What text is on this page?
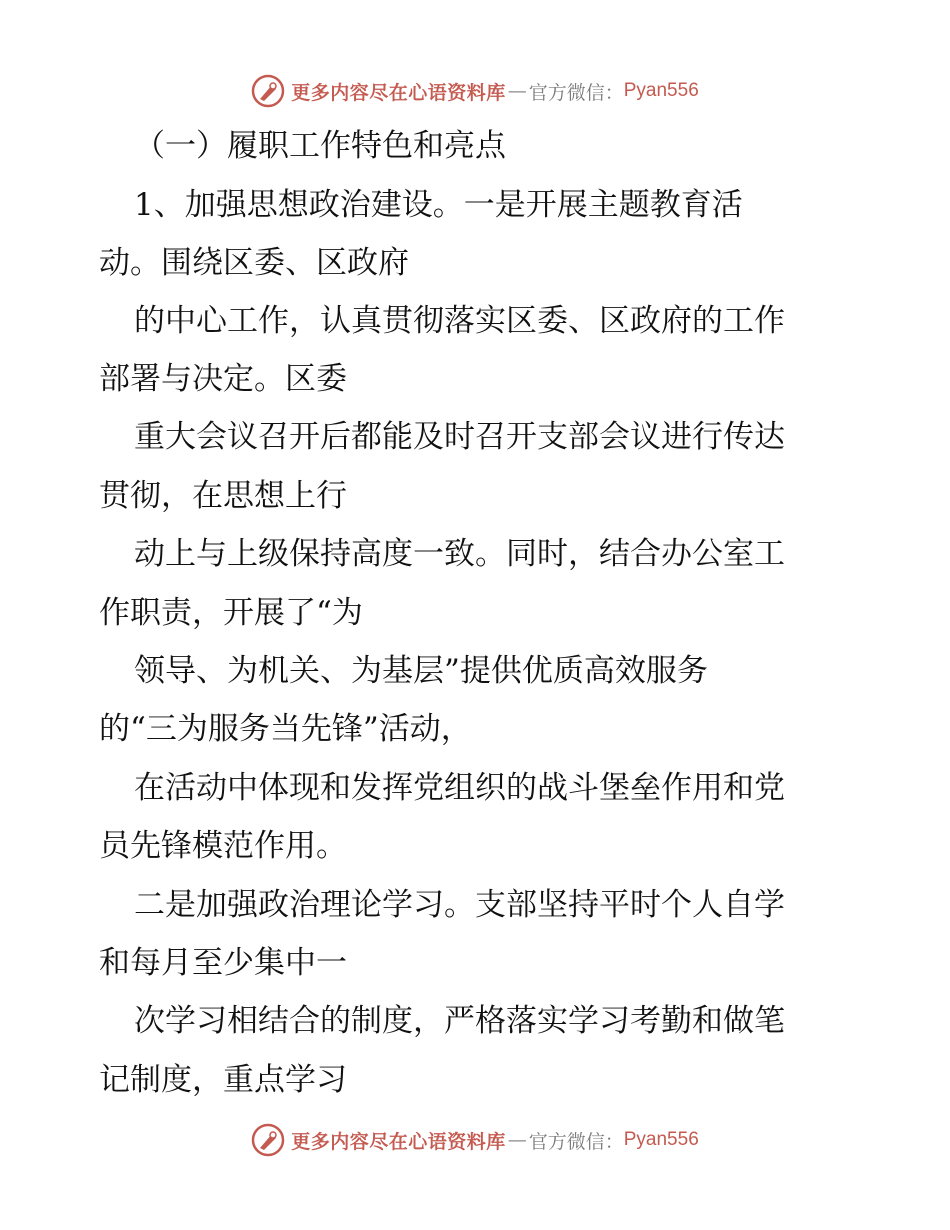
更多内容尽在心语资料库 — 官方微信： Pyan556
（一）履职工作特色和亮点
1、加强思想政治建设。一是开展主题教育活
动。围绕区委、区政府
的中心工作，认真贯彻落实区委、区政府的工作
部署与决定。区委
重大会议召开后都能及时召开支部会议进行传达
贯彻，在思想上行
动上与上级保持高度一致。同时，结合办公室工
作职责，开展了“为
领导、为机关、为基层”提供优质高效服务
的“三为服务当先锋”活动，
在活动中体现和发挥党组织的战斗堡垒作用和党
员先锋模范作用。
二是加强政治理论学习。支部坚持平时个人自学
和每月至少集中一
次学习相结合的制度，严格落实学习考勤和做笔
记制度，重点学习
更多内容尽在心语资料库 — 官方微信： Pyan556
